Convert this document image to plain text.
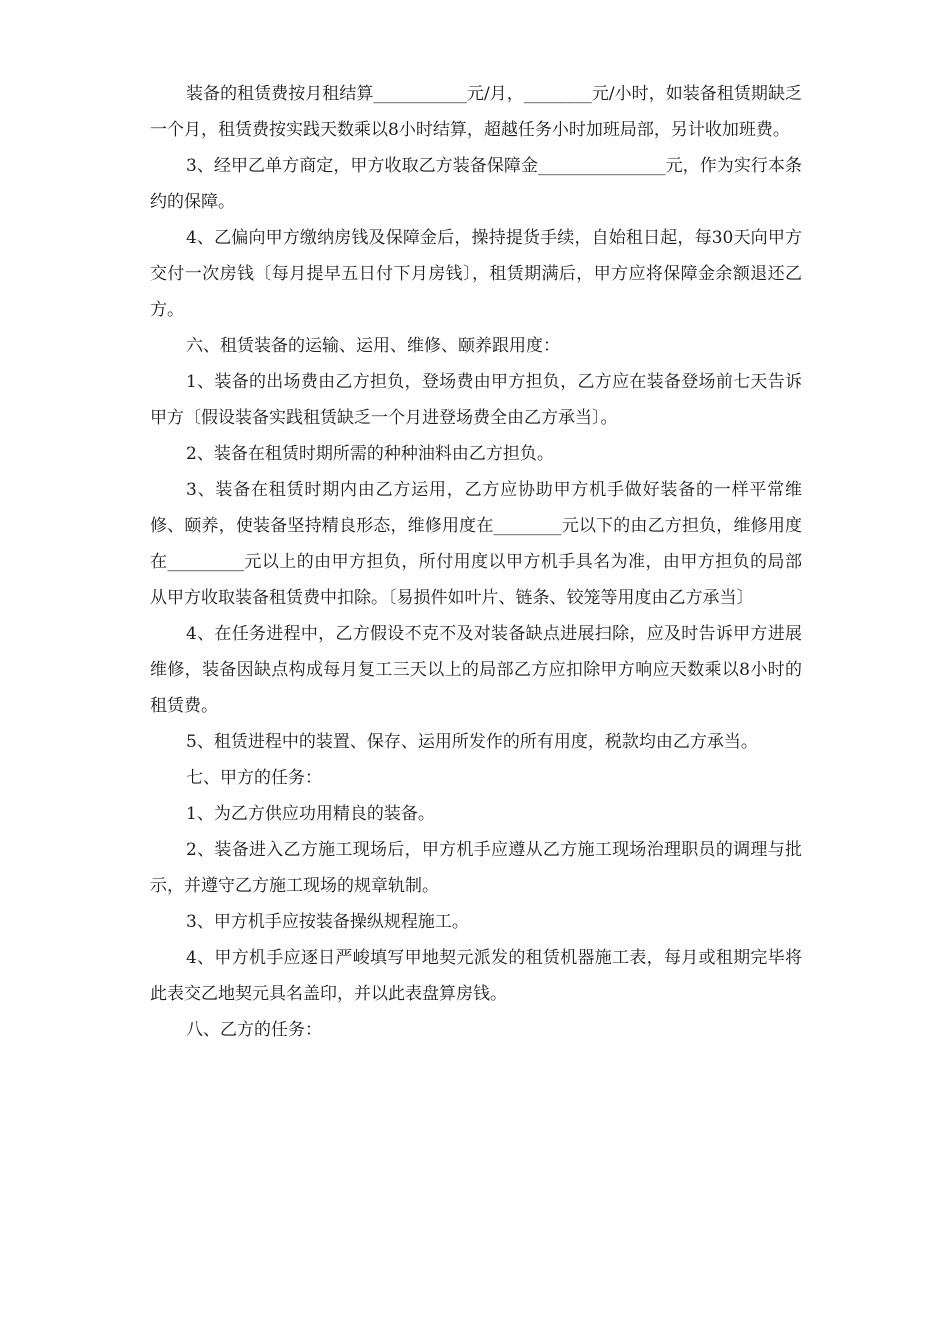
装备的租赁费按月租结算___________元/月，________元/小时，如装备租赁期缺乏一个月，租赁费按实践天数乘以8小时结算，超越任务小时加班局部，另计收加班费。

3、经甲乙单方商定，甲方收取乙方装备保障金_______________元，作为实行本条约的保障。

4、乙偏向甲方缴纳房钱及保障金后，操持提货手续，自始租日起，每30天向甲方交付一次房钱〔每月提早五日付下月房钱〕，租赁期满后，甲方应将保障金余额退还乙方。

六、租赁装备的运输、运用、维修、颐养跟用度：

1、装备的出场费由乙方担负，登场费由甲方担负，乙方应在装备登场前七天告诉甲方〔假设装备实践租赁缺乏一个月进登场费全由乙方承当〕。

2、装备在租赁时期所需的种种油料由乙方担负。

3、装备在租赁时期内由乙方运用，乙方应协助甲方机手做好装备的一样平常维修、颐养，使装备坚持精良形态，维修用度在________元以下的由乙方担负，维修用度在_________元以上的由甲方担负，所付用度以甲方机手具名为准，由甲方担负的局部从甲方收取装备租赁费中扣除。〔易损件如叶片、链条、铰笼等用度由乙方承当〕

4、在任务进程中，乙方假设不克不及对装备缺点进展扫除，应及时告诉甲方进展维修，装备因缺点构成每月复工三天以上的局部乙方应扣除甲方响应天数乘以8小时的租赁费。

5、租赁进程中的装置、保存、运用所发作的所有用度，税款均由乙方承当。

七、甲方的任务：

1、为乙方供应功用精良的装备。

2、装备进入乙方施工现场后，甲方机手应遵从乙方施工现场治理职员的调理与批示，并遵守乙方施工现场的规章轨制。

3、甲方机手应按装备操纵规程施工。

4、甲方机手应逐日严峻填写甲地契元派发的租赁机器施工表，每月或租期完毕将此表交乙地契元具名盖印，并以此表盘算房钱。

八、乙方的任务：
